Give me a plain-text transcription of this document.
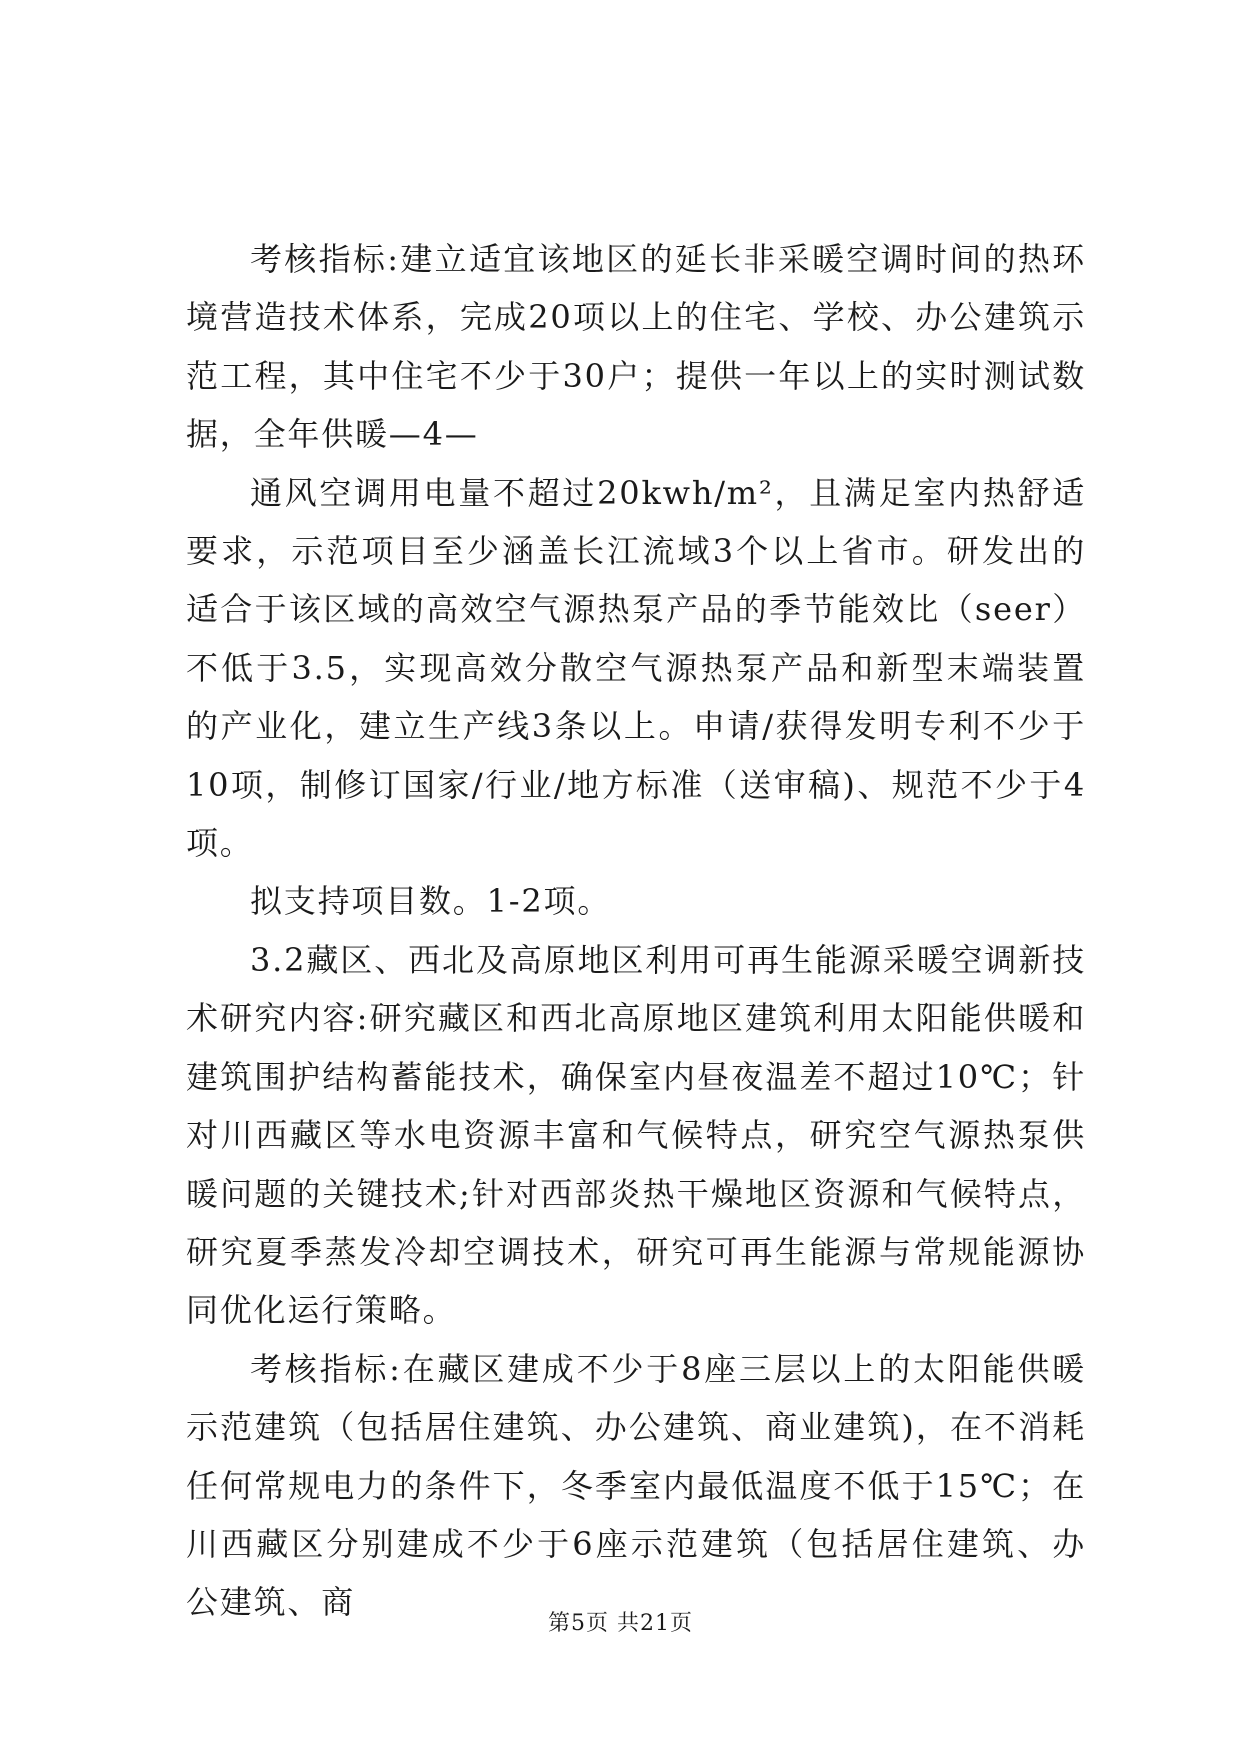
考核指标:建立适宜该地区的延长非采暖空调时间的热环境营造技术体系，完成20项以上的住宅、学校、办公建筑示范工程，其中住宅不少于30户；提供一年以上的实时测试数据，全年供暖—4—

通风空调用电量不超过20kwh/m²，且满足室内热舒适要求，示范项目至少涵盖长江流域3个以上省市。研发出的适合于该区域的高效空气源热泵产品的季节能效比（seer）不低于3.5，实现高效分散空气源热泵产品和新型末端装置的产业化，建立生产线3条以上。申请/获得发明专利不少于10项，制修订国家/行业/地方标准（送审稿)、规范不少于4项。

拟支持项目数。1-2项。

3.2藏区、西北及高原地区利用可再生能源采暖空调新技术研究内容:研究藏区和西北高原地区建筑利用太阳能供暖和建筑围护结构蓄能技术，确保室内昼夜温差不超过10℃；针对川西藏区等水电资源丰富和气候特点，研究空气源热泵供暖问题的关键技术;针对西部炎热干燥地区资源和气候特点，研究夏季蒸发冷却空调技术，研究可再生能源与常规能源协同优化运行策略。

考核指标:在藏区建成不少于8座三层以上的太阳能供暖示范建筑（包括居住建筑、办公建筑、商业建筑)，在不消耗任何常规电力的条件下，冬季室内最低温度不低于15℃；在川西藏区分别建成不少于6座示范建筑（包括居住建筑、办公建筑、商

第5页 共21页
